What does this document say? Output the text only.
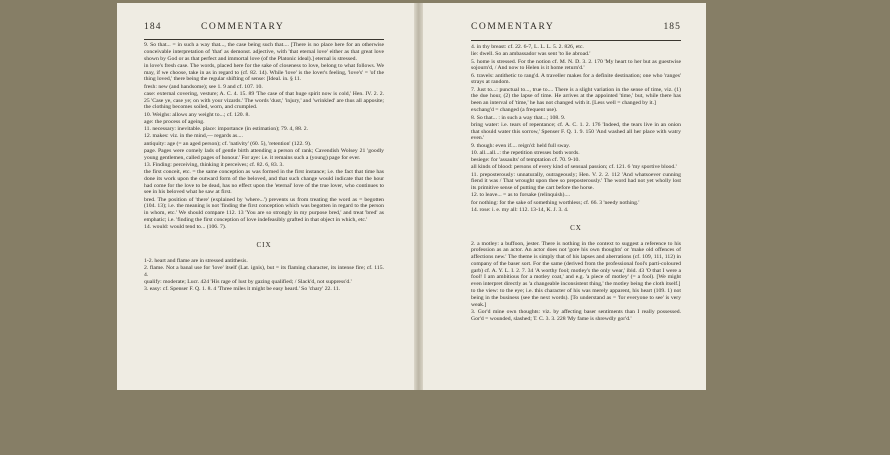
184	COMMENTARY

9. So that... = in such a way that..., the case being such that.... [There is no place here for an otherwise conceivable interpretation of 'that' as demonst. adjective, with 'that eternal love' either as that great love shown by God or as that perfect and immortal love (of the Platonic ideal).] eternal is stressed.

in love's fresh case. The words, placed here for the sake of closeness to love, belong to what follows. We may, if we choose, take in as in regard to (cf. 82. 14). While 'love' is the lover's feeling, 'love's' = 'of the thing loved,' there being the regular shifting of sense: [Ideal. in. § 11.

fresh: new (and handsome); see 1. 9 and cf. 107. 10.

case: external covering, vesture; A. C. 4. 15. 89 'The case of that huge spirit now is cold,' Hen. IV. 2. 2. 25 'Case ye, case ye; on with your vizards.' The words 'dust,' 'injury,' and 'wrinkled' are thus all apposite; the clothing becomes soiled, worn, and crumpled.

10. Weighs: allows any weight to...; cf. 120. 8.

age: the process of ageing.

11. necessary: inevitable. place: importance (in estimation); 79. 4, 88. 2.

12. makes: viz. in the mind,— regards as....

antiquity: age (= an aged person); cf. 'nativity' (60. 5), 'retention' (122. 9).

page. Pages were comely lads of gentle birth attending a person of rank; Cavendish Wolsey 21 'goodly young gentlemen, called pages of honour.' For aye: i.e. it remains such a (young) page for ever.

13. Finding: perceiving, thinking it perceives; cf. 82. 6, 83. 3.

the first conceit, etc. = the same conception as was formed in the first instance; i.e. the fact that time has done its work upon the outward form of the beloved, and that such change would indicate that the hour had come for the love to be dead, has no effect upon the 'eternal' love of the true lover, who continues to see in his beloved what he saw at first.

bred. The position of 'there' (explained by 'where...') prevents us from treating the word as = begotten (104. 13); i.e. the meaning is not 'finding the first conception which was begotten in regard to the person in whom, etc.' We should compare 112. 13 'You are so strongly in my purpose bred,' and treat 'bred' as emphatic; i.e. 'finding the first conception of love indefeasibly grafted in that object in which, etc.'

14. would: would tend to... (106. 7).

CIX

1-2. heart and flame are in stressed antithesis.

2. flame. Not a banal use for 'love' itself (Lat. ignis), but = its flaming character, its intense fire; cf. 115. 4.

qualify: moderate; Lucr. 424 'His rage of lust by gazing qualified; / Slack'd, not suppress'd.'

3. easy: cf. Spenser F. Q. 1. 8. 4 'Three miles it might be easy heard.' So 'chary' 22. 11.

COMMENTARY	185

4. in thy breast: cf. 22. 6-7, L. L. L. 5. 2. 826, etc.

lie: dwell. So an ambassador was sent 'to lie abroad.'

5. home is stressed. For the notion cf. M. N. D. 3. 2. 170 'My heart to her but as guestwise sojourn'd, / And now to Helen is it home return'd.'

6. travels: antithetic to rang'd. A traveller makes for a definite destination; one who 'ranges' strays at random.

7. Just to...: punctual to..., true to.... There is a slight variation in the sense of time, viz. (1) the due hour, (2) the lapse of time. He arrives at the appointed 'time,' but, while there has been an interval of 'time,' he has not changed with it. [Less well = changed by it.]

exchang'd = changed (a frequent use).

8. So that... : in such a way that...; 108. 9.

bring water: i.e. tears of repentance; cf. A. C. 1. 2. 176 'Indeed, the tears live in an onion that should water this sorrow,' Spenser F. Q. 1. 9. 150 'And washed all her place with watry even.'

9. though: even if.... reign'd: held full sway.

10. all...all...: the repetition stresses both words.

besiege: for 'assaults' of temptation cf. 70. 9-10.

all kinds of blood: persons of every kind of sensual passion; cf. 121. 6 'my sportive blood.'

11. preposterously: unnaturally, outrageously; Hen. V. 2. 2. 112 'And whatsoever cunning fiend it was / That wrought upon thee so preposterously.' The word had not yet wholly lost its primitive sense of putting the cart before the horse.

12. to leave... = as to forsake (relinquish)....

for nothing: for the sake of something worthless; cf. 66. 3 'needy nothing.'

14. rose: i. e. my all: 112. 13-14, K. J. 3. 4.

CX

2. a motley: a buffoon, jester. There is nothing in the context to suggest a reference to his profession as an actor. An actor does not 'gore his own thoughts' or 'make old offences of affections new.' The theme is simply that of his lapses and aberrations (cf. 109, 111, 112) in company of the baser sort. For the same (derived from the professional fool's parti-coloured garb) cf. A. Y. L. I. 2. 7. 34 'A worthy fool; motley's the only wear,' ibid. 43 'O that I were a fool! I am ambitious for a motley coat,' and e.g. 'a piece of motley' (= a fool). [We might even interpret directly as 'a changeable inconsistent thing,' the motley being the cloth itself.]

to the view: to the eye; i.e. this character of his was merely apparent, his heart (109. 1) not being in the business (see the next words). [To understand as = 'for everyone to see' is very weak.]

3. Gor'd mine own thoughts: viz. by affecting baser sentiments than I really possessed. Gor'd = wounded, slashed; T. C. 3. 3. 228 'My fame is shrewdly gor'd.'
